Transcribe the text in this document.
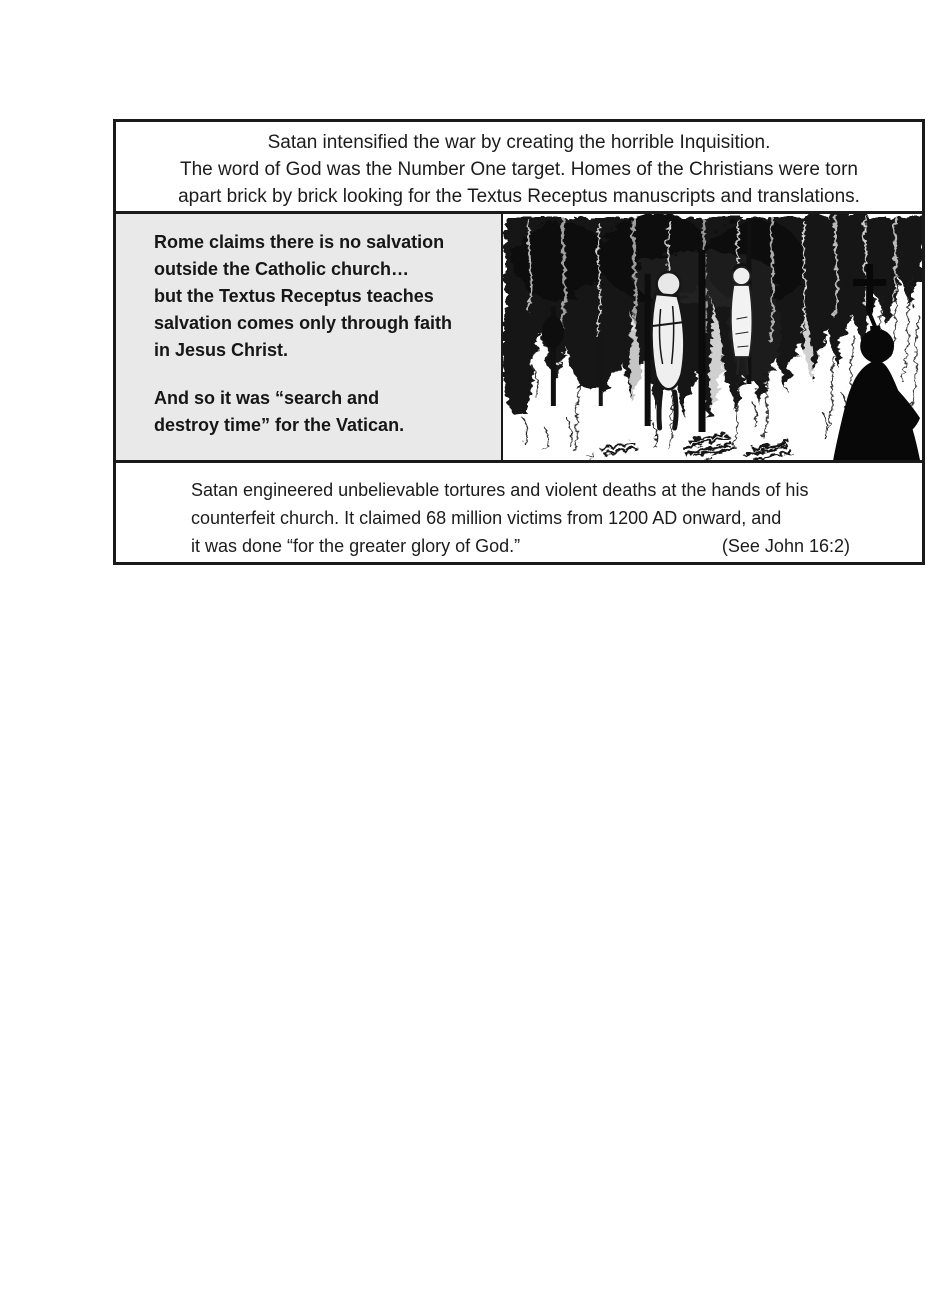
Satan intensified the war by creating the horrible Inquisition.
The word of God was the Number One target. Homes of the Christians were torn
apart brick by brick looking for the Textus Receptus manuscripts and translations.
Rome claims there is no salvation
outside the Catholic church…
but the Textus Receptus teaches
salvation comes only through faith
in Jesus Christ.
And so it was “search and
destroy time” for the Vatican.
Satan engineered unbelievable tortures and violent deaths at the hands of his
counterfeit church. It claimed 68 million victims from 1200 AD onward, and
it was done “for the greater glory of God.”	(See John 16:2)
